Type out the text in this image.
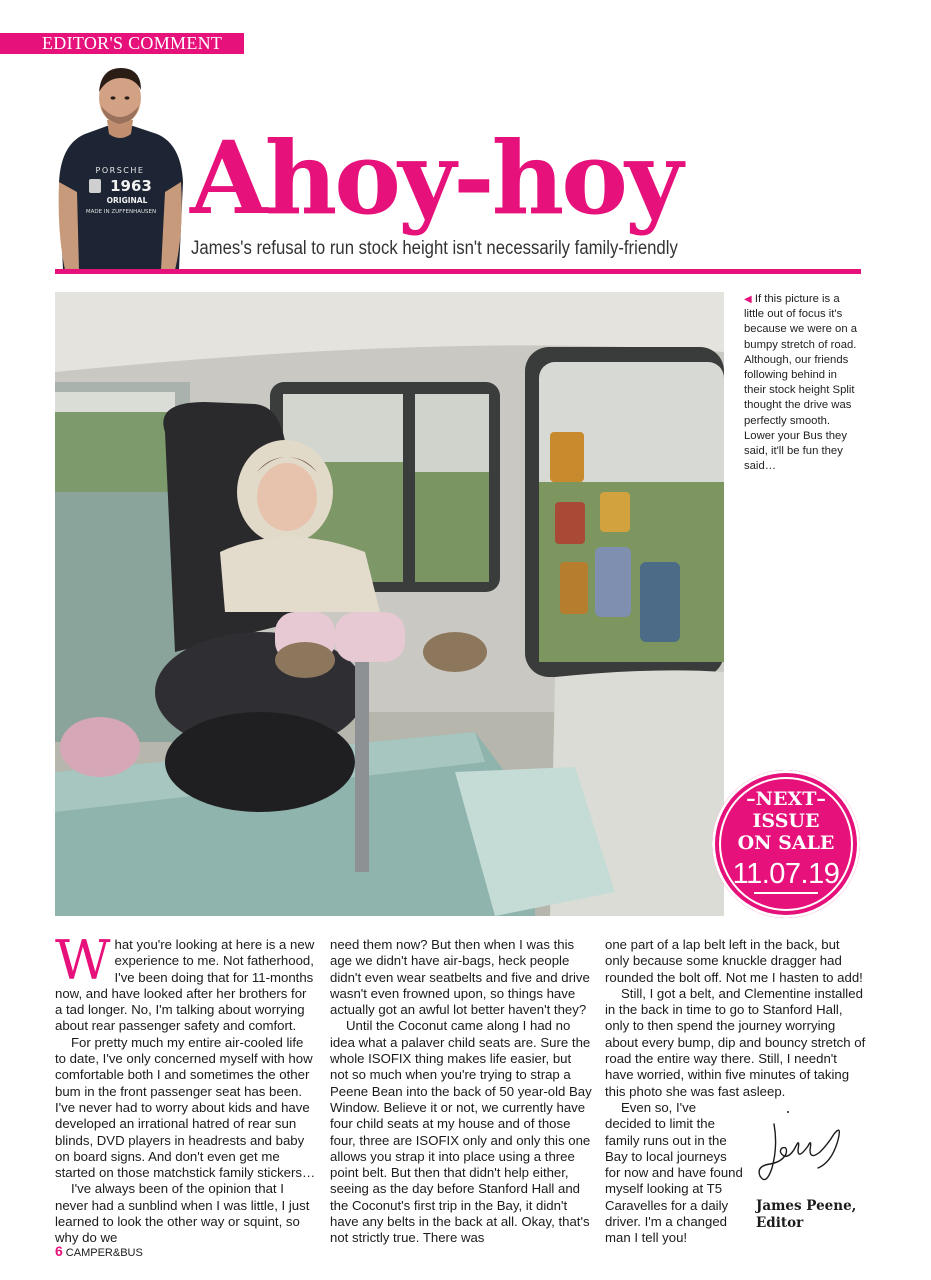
EDITOR'S COMMENT
PORSCHE
1963
ORIGINAL
MADE IN ZUFFENHAUSEN Ahoy-hoy
James's refusal to run stock height isn't necessarily family-friendly
◀ If this picture is a little out of focus it's because we were on a bumpy stretch of road. Although, our friends following behind in their stock height Split thought the drive was perfectly smooth. Lower your Bus they said, it'll be fun they said…
–NEXT–
ISSUE
ON SALE
11.07.19

What you're looking at here is a new experience to me. Not fatherhood, I've been doing that for 11-months now, and have looked after her brothers for a tad longer. No, I'm talking about worrying about rear passenger safety and comfort.

For pretty much my entire air-cooled life to date, I've only concerned myself with how comfortable both I and sometimes the other bum in the front passenger seat has been. I've never had to worry about kids and have developed an irrational hatred of rear sun blinds, DVD players in headrests and baby on board signs. And don't even get me started on those matchstick family stickers…

I've always been of the opinion that I never had a sunblind when I was little, I just learned to look the other way or squint, so why do we

need them now? But then when I was this age we didn't have air-bags, heck people didn't even wear seatbelts and five and drive wasn't even frowned upon, so things have actually got an awful lot better haven't they?

Until the Coconut came along I had no idea what a palaver child seats are. Sure the whole ISOFIX thing makes life easier, but not so much when you're trying to strap a Peene Bean into the back of 50 year-old Bay Window. Believe it or not, we currently have four child seats at my house and of those four, three are ISOFIX only and only this one allows you strap it into place using a three point belt. But then that didn't help either, seeing as the day before Stanford Hall and the Coconut's first trip in the Bay, it didn't have any belts in the back at all. Okay, that's not strictly true. There was

one part of a lap belt left in the back, but only because some knuckle dragger had rounded the bolt off. Not me I hasten to add!

Still, I got a belt, and Clementine installed in the back in time to go to Stanford Hall, only to then spend the journey worrying about every bump, dip and bouncy stretch of road the entire way there. Still, I needn't have worried, within five minutes of taking this photo she was fast asleep.

Even so, I've decided to limit the family runs out in the Bay to local journeys for now and have found myself looking at T5 Caravelles for a daily driver. I'm a changed man I tell you!

James Peene,
Editor
6 CAMPER&BUS
